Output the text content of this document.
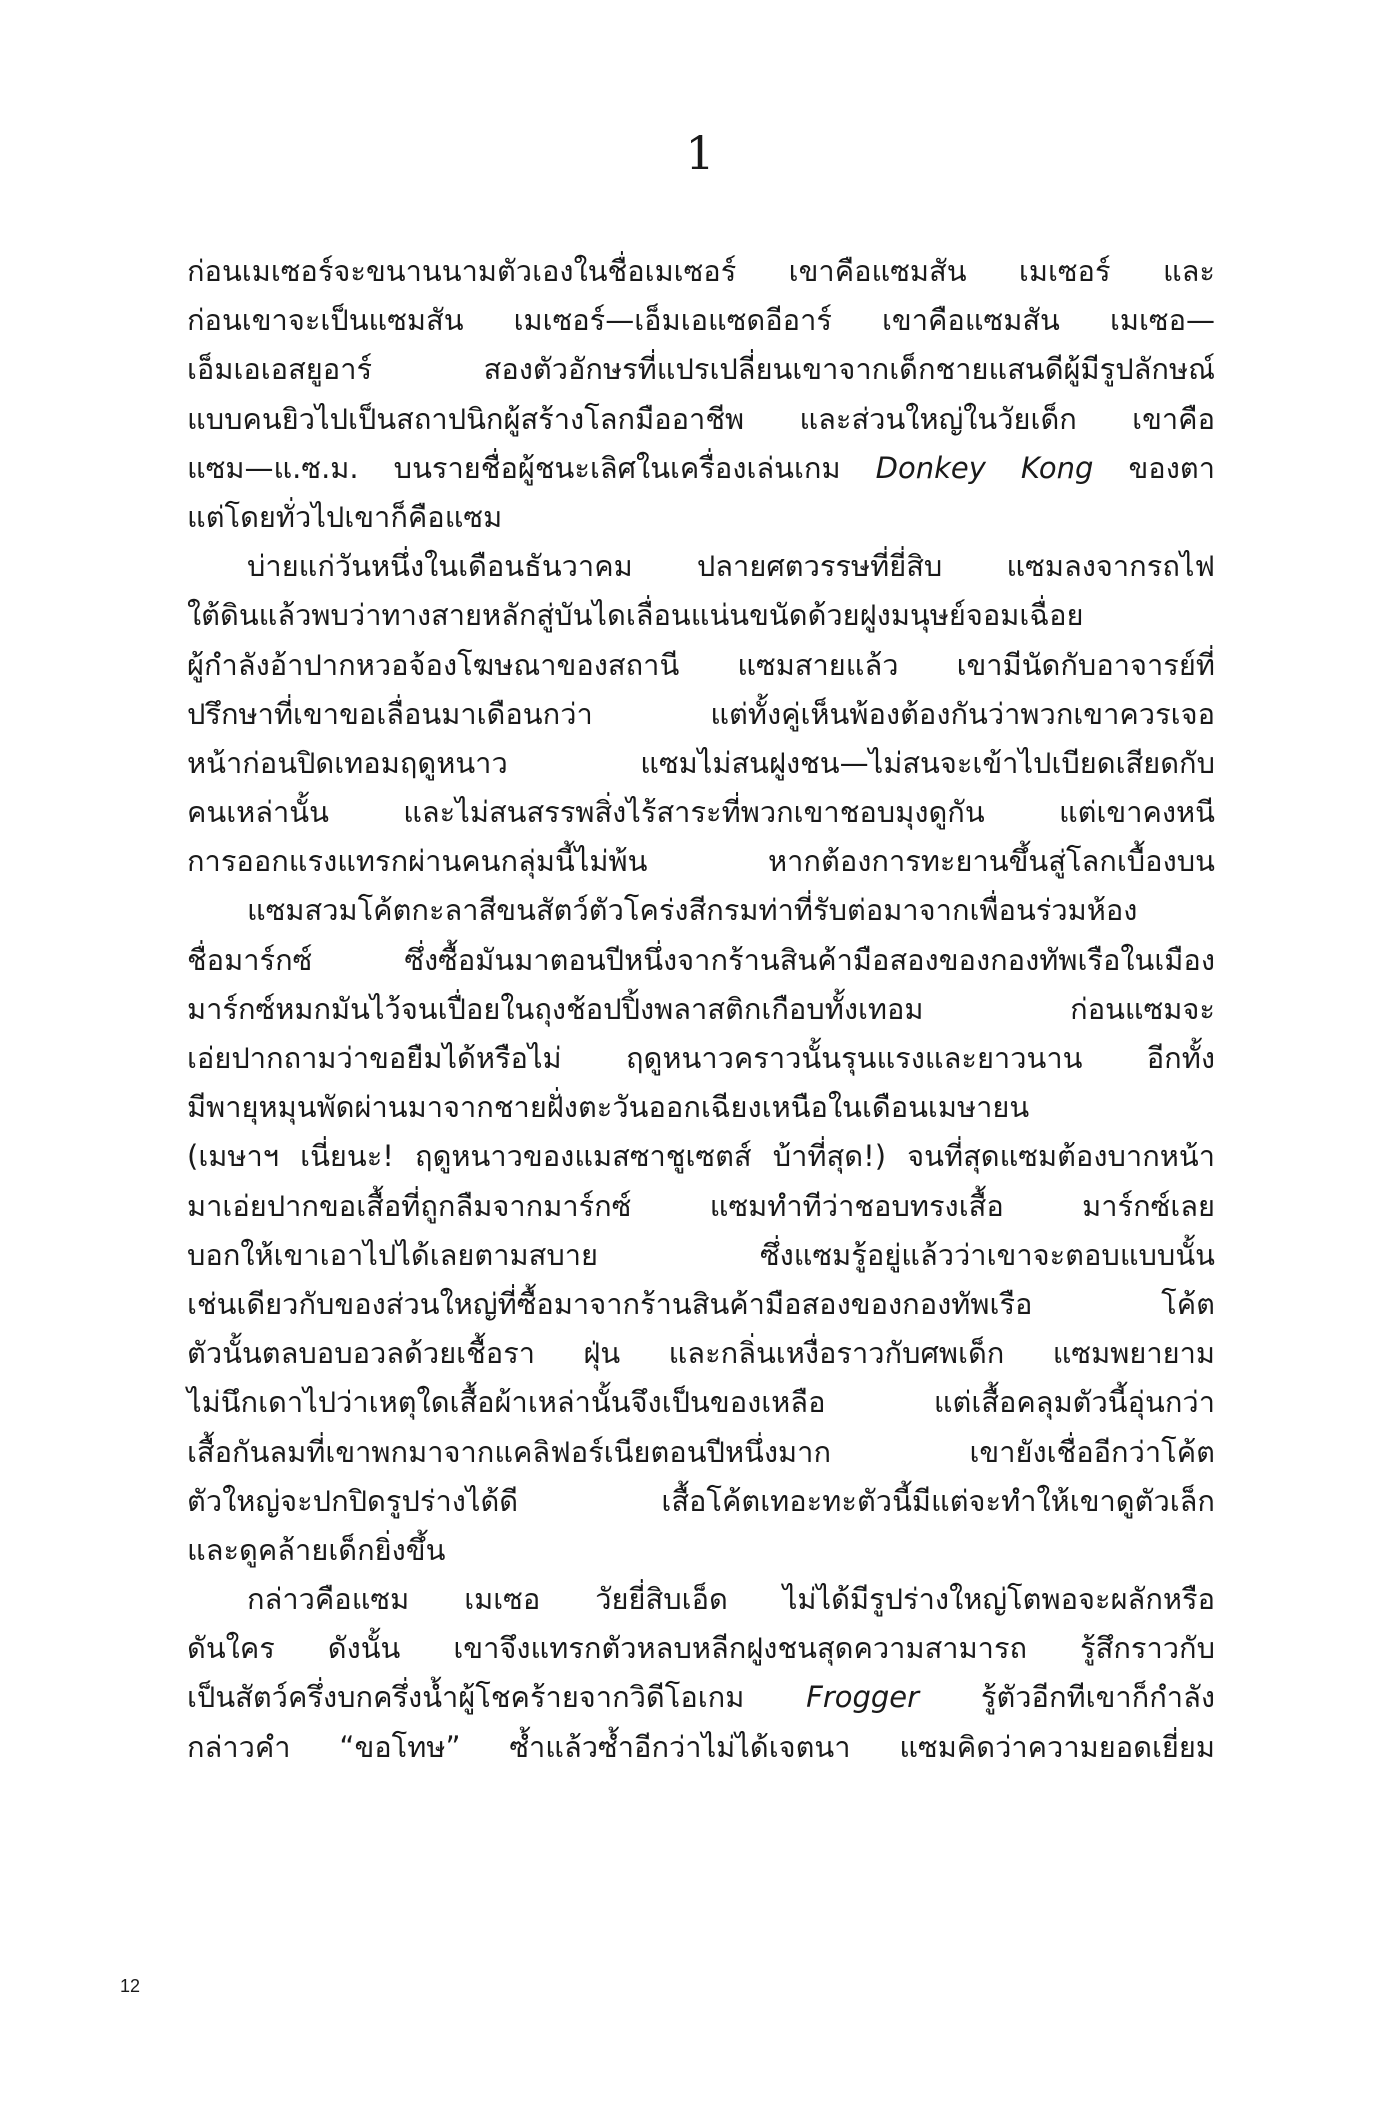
1
ก่อนเมเซอร์จะขนานนามตัวเองในชื่อเมเซอร์ เขาคือแซมสัน เมเซอร์ และ
ก่อนเขาจะเป็นแซมสัน เมเซอร์—เอ็มเอแซดอีอาร์ เขาคือแซมสัน เมเซอ—
เอ็มเอเอสยูอาร์ สองตัวอักษรที่แปรเปลี่ยนเขาจากเด็กชายแสนดีผู้มีรูปลักษณ์
แบบคนยิวไปเป็นสถาปนิกผู้สร้างโลกมืออาชีพ และส่วนใหญ่ในวัยเด็ก เขาคือ
แซม—แ.ซ.ม. บนรายชื่อผู้ชนะเลิศในเครื่องเล่นเกม Donkey Kong ของตา
แต่โดยทั่วไปเขาก็คือแซม
บ่ายแก่วันหนึ่งในเดือนธันวาคม ปลายศตวรรษที่ยี่สิบ แซมลงจากรถไฟ
ใต้ดินแล้วพบว่าทางสายหลักสู่บันไดเลื่อนแน่นขนัดด้วยฝูงมนุษย์จอมเฉื่อย
ผู้กำลังอ้าปากหวอจ้องโฆษณาของสถานี แซมสายแล้ว เขามีนัดกับอาจารย์ที่
ปรึกษาที่เขาขอเลื่อนมาเดือนกว่า แต่ทั้งคู่เห็นพ้องต้องกันว่าพวกเขาควรเจอ
หน้าก่อนปิดเทอมฤดูหนาว แซมไม่สนฝูงชน—ไม่สนจะเข้าไปเบียดเสียดกับ
คนเหล่านั้น และไม่สนสรรพสิ่งไร้สาระที่พวกเขาชอบมุงดูกัน แต่เขาคงหนี
การออกแรงแทรกผ่านคนกลุ่มนี้ไม่พ้น หากต้องการทะยานขึ้นสู่โลกเบื้องบน
แซมสวมโค้ตกะลาสีขนสัตว์ตัวโคร่งสีกรมท่าที่รับต่อมาจากเพื่อนร่วมห้อง
ชื่อมาร์กซ์ ซึ่งซื้อมันมาตอนปีหนึ่งจากร้านสินค้ามือสองของกองทัพเรือในเมือง
มาร์กซ์หมกมันไว้จนเปื่อยในถุงช้อปปิ้งพลาสติกเกือบทั้งเทอม ก่อนแซมจะ
เอ่ยปากถามว่าขอยืมได้หรือไม่ ฤดูหนาวคราวนั้นรุนแรงและยาวนาน อีกทั้ง
มีพายุหมุนพัดผ่านมาจากชายฝั่งตะวันออกเฉียงเหนือในเดือนเมษายน
(เมษาฯ เนี่ยนะ! ฤดูหนาวของแมสซาชูเซตส์ บ้าที่สุด!) จนที่สุดแซมต้องบากหน้า
มาเอ่ยปากขอเสื้อที่ถูกลืมจากมาร์กซ์ แซมทำทีว่าชอบทรงเสื้อ มาร์กซ์เลย
บอกให้เขาเอาไปได้เลยตามสบาย ซึ่งแซมรู้อยู่แล้วว่าเขาจะตอบแบบนั้น
เช่นเดียวกับของส่วนใหญ่ที่ซื้อมาจากร้านสินค้ามือสองของกองทัพเรือ โค้ต
ตัวนั้นตลบอบอวลด้วยเชื้อรา ฝุ่น และกลิ่นเหงื่อราวกับศพเด็ก แซมพยายาม
ไม่นึกเดาไปว่าเหตุใดเสื้อผ้าเหล่านั้นจึงเป็นของเหลือ แต่เสื้อคลุมตัวนี้อุ่นกว่า
เสื้อกันลมที่เขาพกมาจากแคลิฟอร์เนียตอนปีหนึ่งมาก เขายังเชื่ออีกว่าโค้ต
ตัวใหญ่จะปกปิดรูปร่างได้ดี เสื้อโค้ตเทอะทะตัวนี้มีแต่จะทำให้เขาดูตัวเล็ก
และดูคล้ายเด็กยิ่งขึ้น
กล่าวคือแซม เมเซอ วัยยี่สิบเอ็ด ไม่ได้มีรูปร่างใหญ่โตพอจะผลักหรือ
ดันใคร ดังนั้น เขาจึงแทรกตัวหลบหลีกฝูงชนสุดความสามารถ รู้สึกราวกับ
เป็นสัตว์ครึ่งบกครึ่งน้ำผู้โชคร้ายจากวิดีโอเกม Frogger รู้ตัวอีกทีเขาก็กำลัง
กล่าวคำ “ขอโทษ” ซ้ำแล้วซ้ำอีกว่าไม่ได้เจตนา แซมคิดว่าความยอดเยี่ยม
12
